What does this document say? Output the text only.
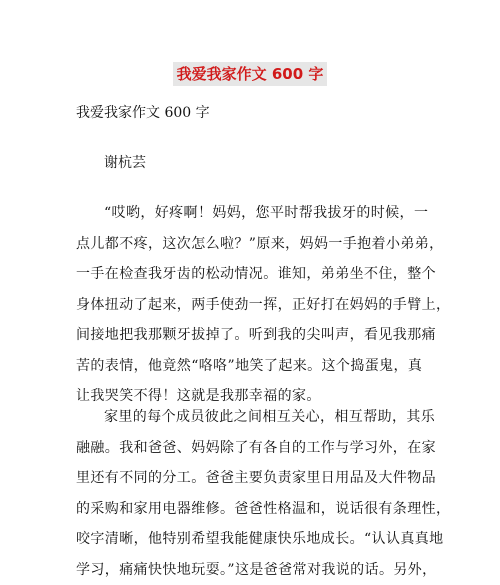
我爱我家作文 600 字
我爱我家作文 600 字
谢杭芸
“哎哟，好疼啊！妈妈，您平时帮我拔牙的时候，一
点儿都不疼，这次怎么啦？”原来，妈妈一手抱着小弟弟，
一手在检查我牙齿的松动情况。谁知，弟弟坐不住，整个
身体扭动了起来，两手使劲一挥，正好打在妈妈的手臂上，
间接地把我那颗牙拔掉了。听到我的尖叫声，看见我那痛
苦的表情，他竟然“咯咯”地笑了起来。这个捣蛋鬼，真
让我哭笑不得！这就是我那幸福的家。
家里的每个成员彼此之间相互关心，相互帮助，其乐
融融。我和爸爸、妈妈除了有各自的工作与学习外，在家
里还有不同的分工。爸爸主要负责家里日用品及大件物品
的采购和家用电器维修。爸爸性格温和，说话很有条理性，
咬字清晰，他特别希望我能健康快乐地成长。“认认真真地
学习，痛痛快快地玩耍。”这是爸爸常对我说的话。另外，
